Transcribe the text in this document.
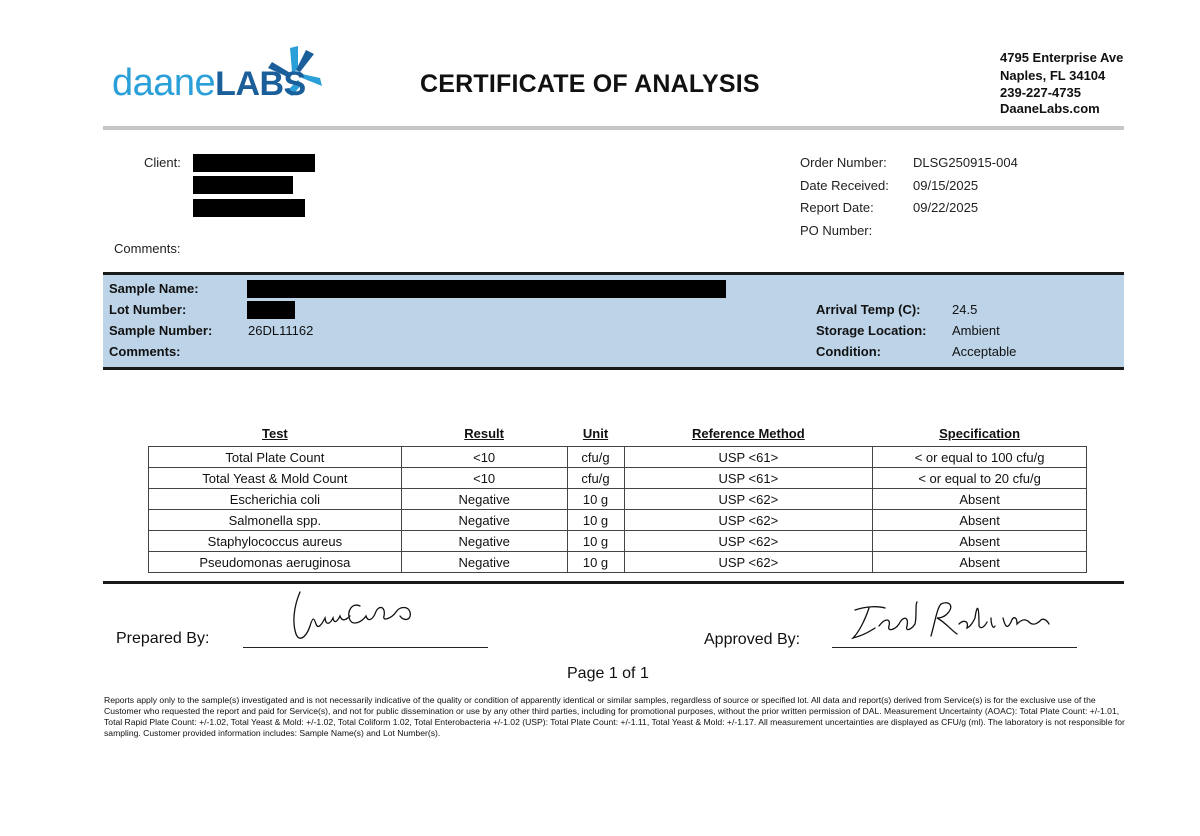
daaneLABS	CERTIFICATE OF ANALYSIS
4795 Enterprise Ave
Naples, FL 34104
239-227-4735
DaaneLabs.com
Client:
Comments:
Order Number: DLSG250915-004
Date Received: 09/15/2025
Report Date:	09/22/2025
PO Number:
Sample Name:
Lot Number:
Sample Number:	26DL11162
Comments:
Arrival Temp (C): 24.5
Storage Location: Ambient
Condition:	Acceptable
Test	Result	Unit	Reference Method	Specification
Total Plate Count	<10	cfu/g	USP <61>	< or equal to 100 cfu/g
Total Yeast & Mold Count	<10	cfu/g	USP <61>	< or equal to 20 cfu/g
Escherichia coli	Negative	10 g	USP <62>	Absent
Salmonella spp.	Negative	10 g	USP <62>	Absent
Staphylococcus aureus	Negative	10 g	USP <62>	Absent
Pseudomonas aeruginosa	Negative	10 g	USP <62>	Absent
Prepared By:	Approved By:
Page 1 of 1
Reports apply only to the sample(s) investigated and is not necessarily indicative of the quality or condition of apparently identical or similar samples, regardless of source or specified lot. All data and report(s) derived from Service(s) is for the exclusive use of the Customer who requested the report and paid for Service(s), and not for public dissemination or use by any other third parties, including for promotional purposes, without the prior written permission of DAL. Measurement Uncertainty (AOAC): Total Plate Count: +/-1.01, Total Rapid Plate Count: +/-1.02, Total Yeast & Mold: +/-1.02, Total Coliform 1.02, Total Enterobacteria +/-1.02 (USP): Total Plate Count: +/-1.11, Total Yeast & Mold: +/-1.17. All measurement uncertainties are displayed as CFU/g (ml). The laboratory is not responsible for sampling. Customer provided information includes: Sample Name(s) and Lot Number(s).
